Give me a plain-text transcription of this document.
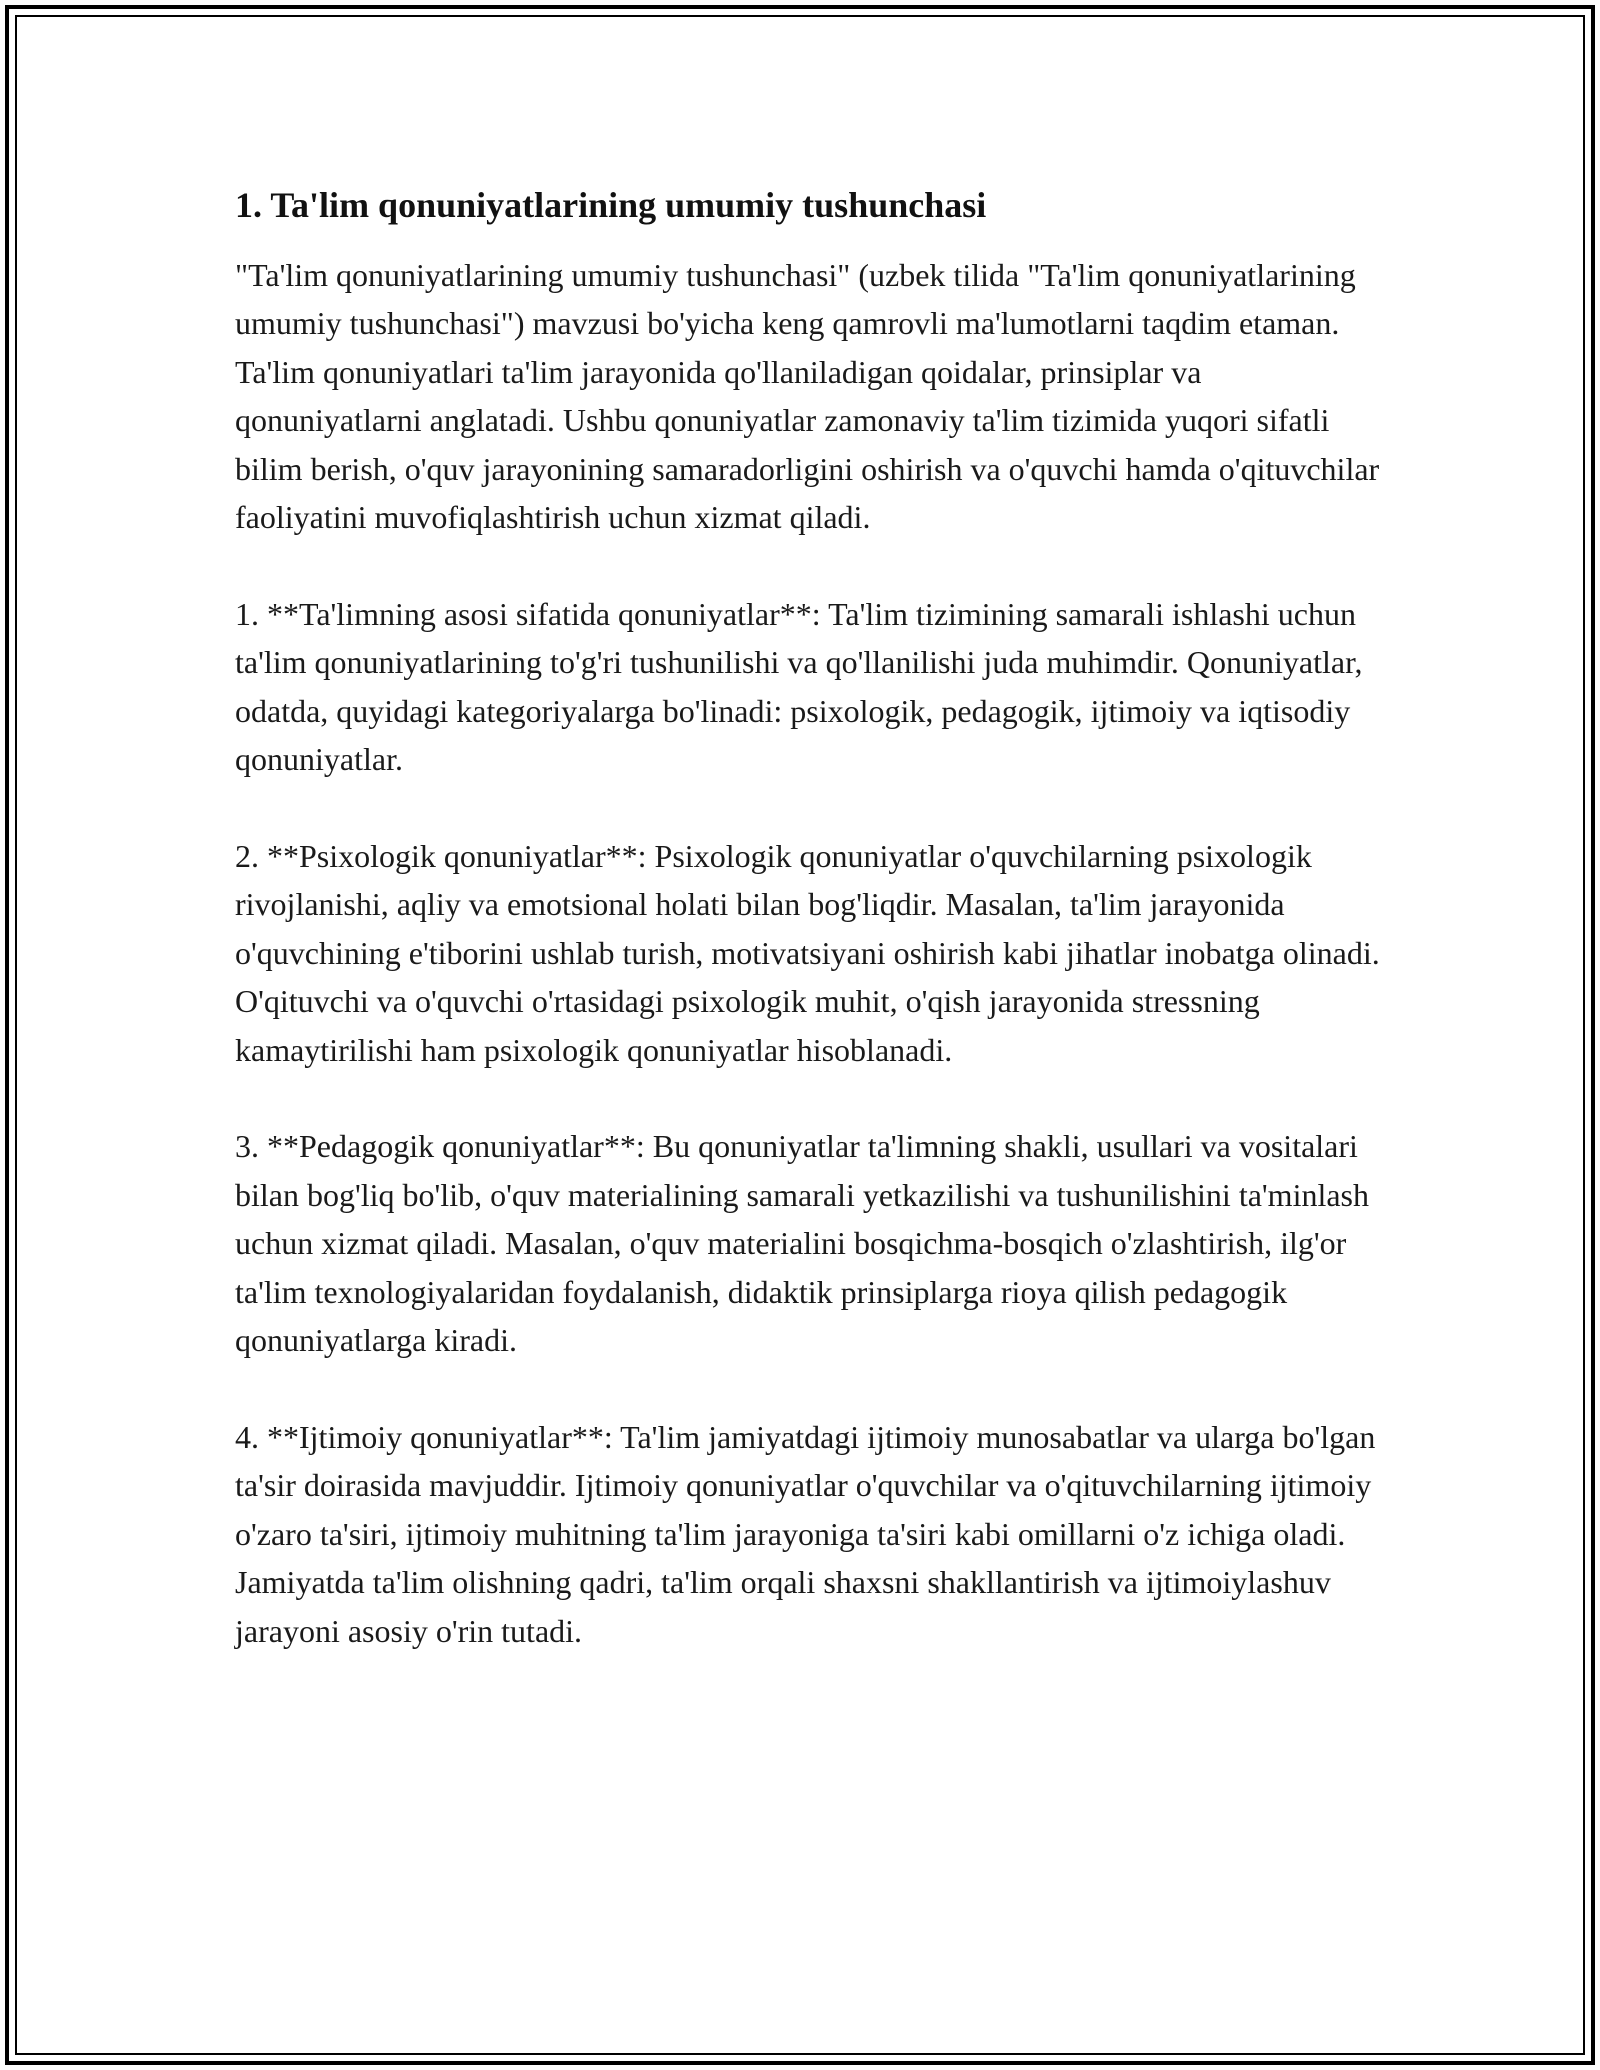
1. Ta'lim qonuniyatlarining umumiy tushunchasi

"Ta'lim qonuniyatlarining umumiy tushunchasi" (uzbek tilida "Ta'lim qonuniyatlarining umumiy tushunchasi") mavzusi bo'yicha keng qamrovli ma'lumotlarni taqdim etaman. Ta'lim qonuniyatlari ta'lim jarayonida qo'llaniladigan qoidalar, prinsiplar va qonuniyatlarni anglatadi. Ushbu qonuniyatlar zamonaviy ta'lim tizimida yuqori sifatli bilim berish, o'quv jarayonining samaradorligini oshirish va o'quvchi hamda o'qituvchilar faoliyatini muvofiqlashtirish uchun xizmat qiladi.

1. **Ta'limning asosi sifatida qonuniyatlar**: Ta'lim tizimining samarali ishlashi uchun ta'lim qonuniyatlarining to'g'ri tushunilishi va qo'llanilishi juda muhimdir. Qonuniyatlar, odatda, quyidagi kategoriyalarga bo'linadi: psixologik, pedagogik, ijtimoiy va iqtisodiy qonuniyatlar.

2. **Psixologik qonuniyatlar**: Psixologik qonuniyatlar o'quvchilarning psixologik rivojlanishi, aqliy va emotsional holati bilan bog'liqdir. Masalan, ta'lim jarayonida o'quvchining e'tiborini ushlab turish, motivatsiyani oshirish kabi jihatlar inobatga olinadi. O'qituvchi va o'quvchi o'rtasidagi psixologik muhit, o'qish jarayonida stressning kamaytirilishi ham psixologik qonuniyatlar hisoblanadi.

3. **Pedagogik qonuniyatlar**: Bu qonuniyatlar ta'limning shakli, usullari va vositalari bilan bog'liq bo'lib, o'quv materialining samarali yetkazilishi va tushunilishini ta'minlash uchun xizmat qiladi. Masalan, o'quv materialini bosqichma-bosqich o'zlashtirish, ilg'or ta'lim texnologiyalaridan foydalanish, didaktik prinsiplarga rioya qilish pedagogik qonuniyatlarga kiradi.

4. **Ijtimoiy qonuniyatlar**: Ta'lim jamiyatdagi ijtimoiy munosabatlar va ularga bo'lgan ta'sir doirasida mavjuddir. Ijtimoiy qonuniyatlar o'quvchilar va o'qituvchilarning ijtimoiy o'zaro ta'siri, ijtimoiy muhitning ta'lim jarayoniga ta'siri kabi omillarni o'z ichiga oladi. Jamiyatda ta'lim olishning qadri, ta'lim orqali shaxsni shakllantirish va ijtimoiylashuv jarayoni asosiy o'rin tutadi.
